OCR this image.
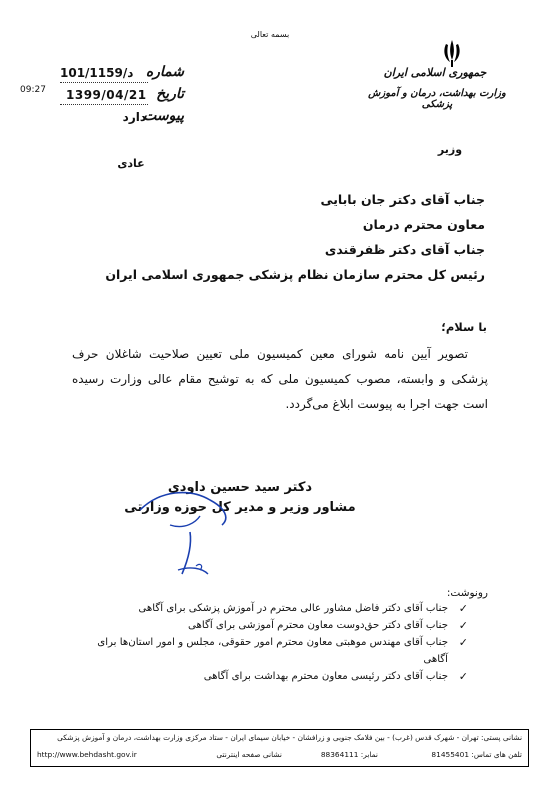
بسمه تعالی
جمهوری اسلامی ایران
وزارت بهداشت، درمان و آموزش پزشکی
وزیر
09:27
د/101/1159 شماره
1399/04/21 تاریخ
دارد
پیوست
عادی
جناب آقای دکتر جان بابایی
معاون محترم درمان
جناب آقای دکتر ظفرقندی
رئیس کل محترم سازمان نظام پزشکی جمهوری اسلامی ایران
با سلام؛
تصویر آیین نامه شورای معین کمیسیون ملی تعیین صلاحیت شاغلان حرف پزشکی و وابسته، مصوب کمیسیون ملی که به توشیح مقام عالی وزارت رسیده است جهت اجرا به پیوست ابلاغ می‌گردد.
دکتر سید حسین داودی
مشاور وزیر و مدیر کل حوزه وزارتی
رونوشت:
✓
جناب آقای دکتر فاضل مشاور عالی محترم در آموزش پزشکی برای آگاهی
✓
جناب آقای دکتر حق‌دوست معاون محترم آموزشی برای آگاهی
✓
جناب آقای مهندس موهبتی معاون محترم امور حقوقی، مجلس و امور استان‌ها برای آگاهی
✓
جناب آقای دکتر رئیسی معاون محترم بهداشت برای آگاهی
نشانی پستی: تهران - شهرک قدس (غرب) - بین فلامک جنوبی و زرافشان - خیابان سیمای ایران - ستاد مرکزی وزارت بهداشت، درمان و آموزش پزشکی
تلفن های تماس: 81455401
نمابر: 88364111
نشانی صفحه اینترنتی
http://www.behdasht.gov.ir
